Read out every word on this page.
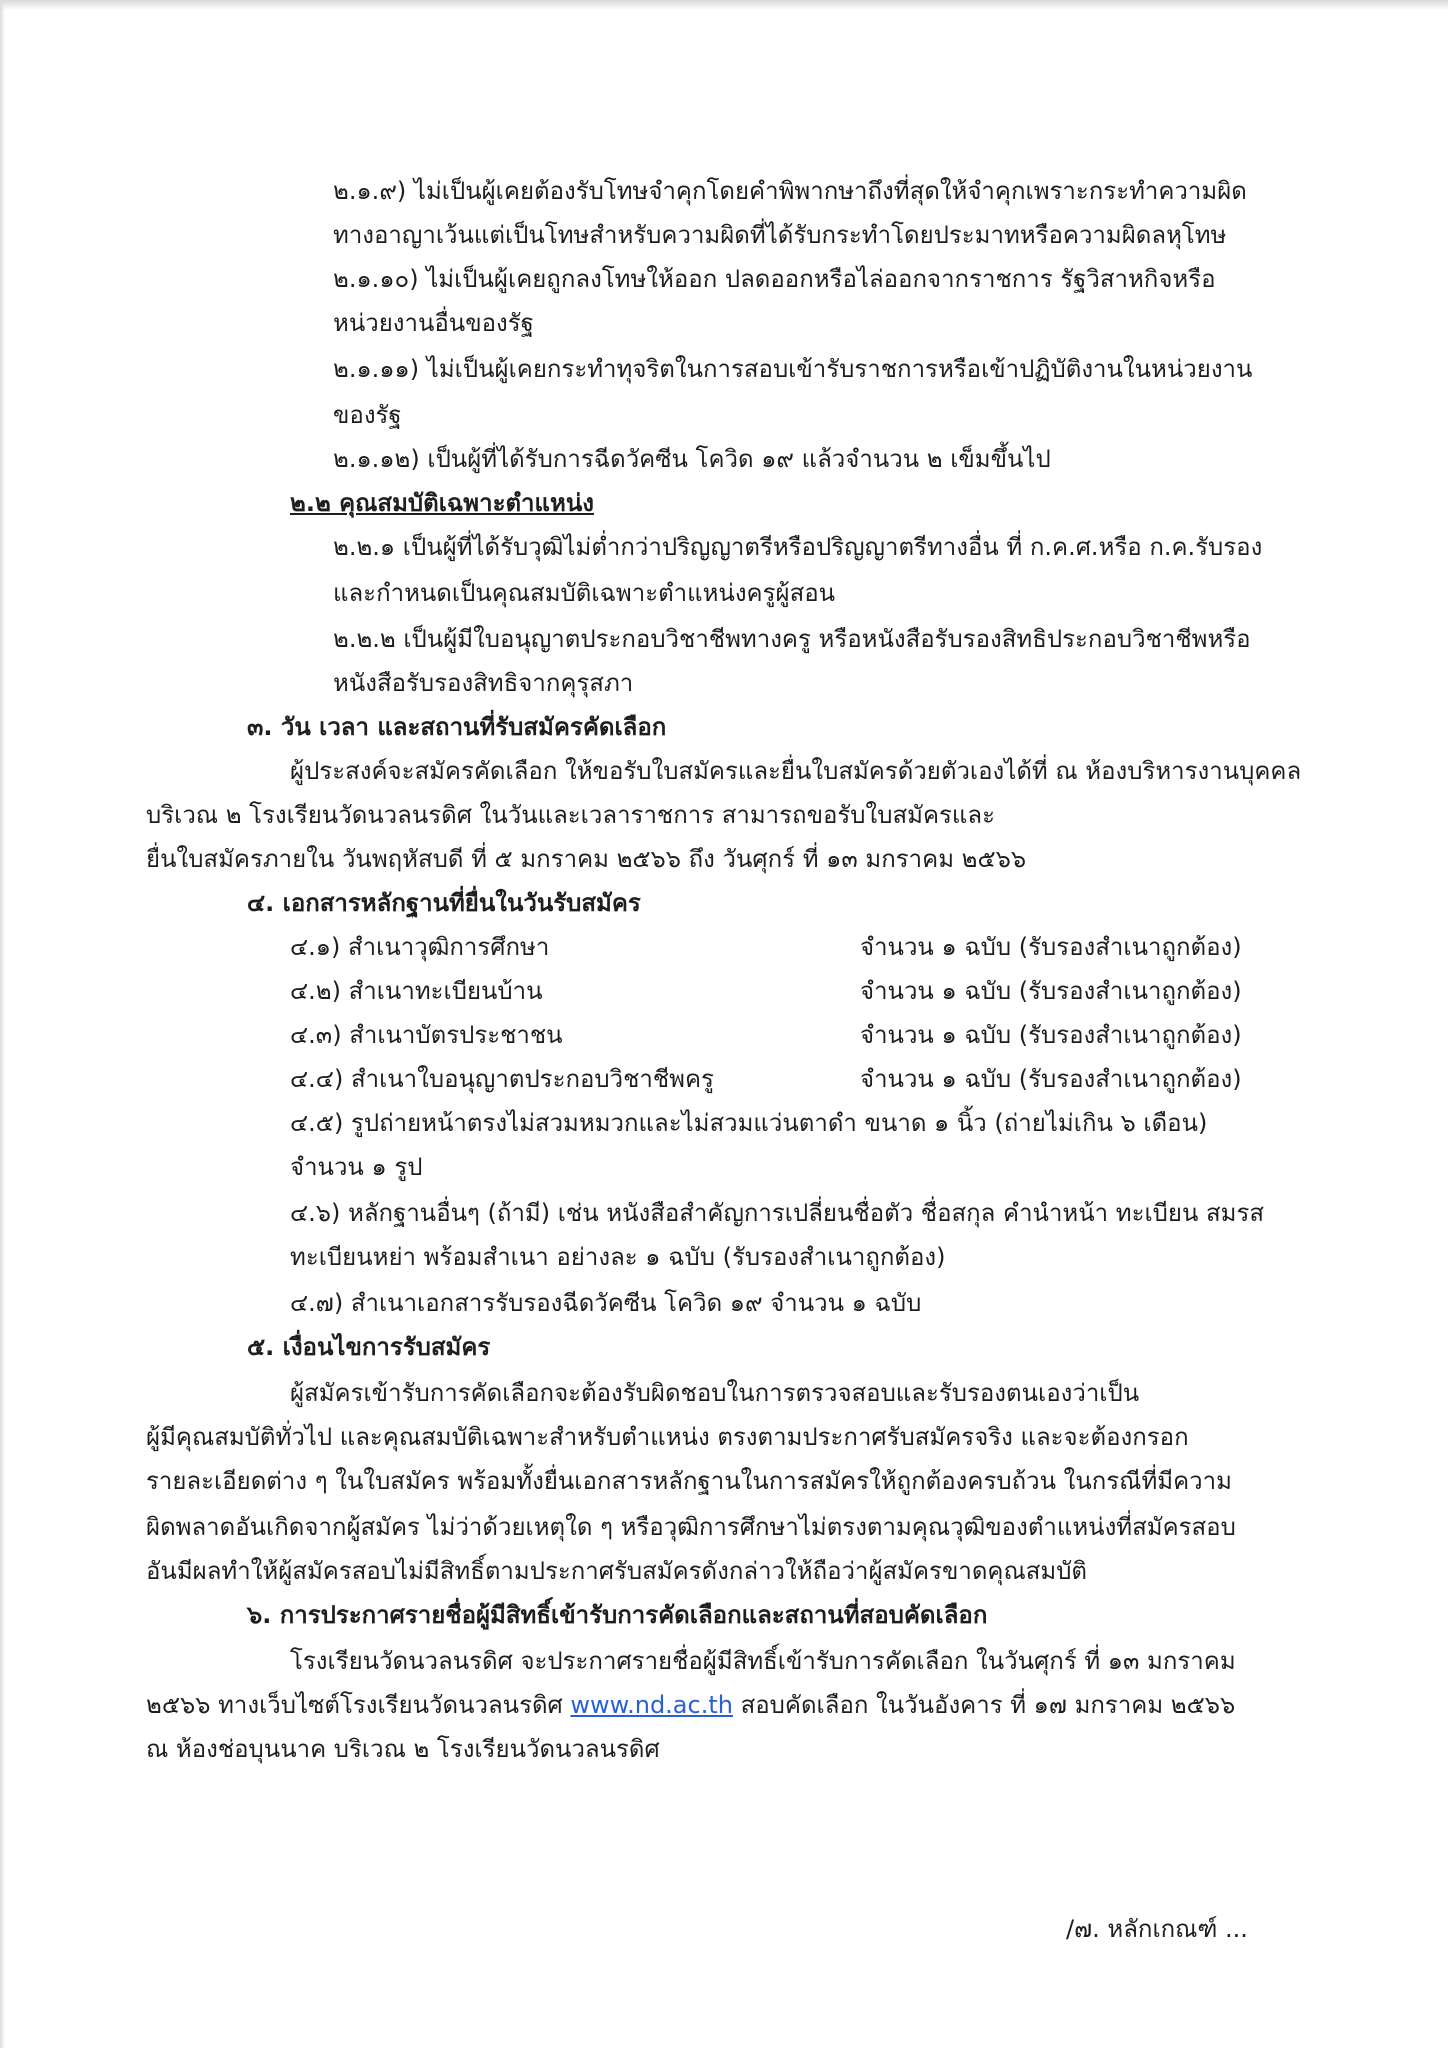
๒.๑.๙) ไม่เป็นผู้เคยต้องรับโทษจำคุกโดยคำพิพากษาถึงที่สุดให้จำคุกเพราะกระทำความผิด
ทางอาญาเว้นแต่เป็นโทษสำหรับความผิดที่ได้รับกระทำโดยประมาทหรือความผิดลหุโทษ
๒.๑.๑๐) ไม่เป็นผู้เคยถูกลงโทษให้ออก ปลดออกหรือไล่ออกจากราชการ รัฐวิสาหกิจหรือ
หน่วยงานอื่นของรัฐ
๒.๑.๑๑) ไม่เป็นผู้เคยกระทำทุจริตในการสอบเข้ารับราชการหรือเข้าปฏิบัติงานในหน่วยงาน
ของรัฐ
๒.๑.๑๒) เป็นผู้ที่ได้รับการฉีดวัคซีน โควิด ๑๙ แล้วจำนวน ๒ เข็มขึ้นไป
๒.๒ คุณสมบัติเฉพาะตำแหน่ง
๒.๒.๑ เป็นผู้ที่ได้รับวุฒิไม่ต่ำกว่าปริญญาตรีหรือปริญญาตรีทางอื่น ที่ ก.ค.ศ.หรือ ก.ค.รับรอง
และกำหนดเป็นคุณสมบัติเฉพาะตำแหน่งครูผู้สอน
๒.๒.๒ เป็นผู้มีใบอนุญาตประกอบวิชาชีพทางครู หรือหนังสือรับรองสิทธิประกอบวิชาชีพหรือ
หนังสือรับรองสิทธิจากคุรุสภา
๓. วัน เวลา และสถานที่รับสมัครคัดเลือก
ผู้ประสงค์จะสมัครคัดเลือก ให้ขอรับใบสมัครและยื่นใบสมัครด้วยตัวเองได้ที่ ณ ห้องบริหารงานบุคคล
บริเวณ ๒ โรงเรียนวัดนวลนรดิศ ในวันและเวลาราชการ สามารถขอรับใบสมัครและ
ยื่นใบสมัครภายใน วันพฤหัสบดี ที่ ๕ มกราคม ๒๕๖๖ ถึง วันศุกร์ ที่ ๑๓ มกราคม ๒๕๖๖
๔. เอกสารหลักฐานที่ยื่นในวันรับสมัคร
๔.๑) สำเนาวุฒิการศึกษา	จำนวน ๑ ฉบับ (รับรองสำเนาถูกต้อง)
๔.๒) สำเนาทะเบียนบ้าน	จำนวน ๑ ฉบับ (รับรองสำเนาถูกต้อง)
๔.๓) สำเนาบัตรประชาชน	จำนวน ๑ ฉบับ (รับรองสำเนาถูกต้อง)
๔.๔) สำเนาใบอนุญาตประกอบวิชาชีพครู	จำนวน ๑ ฉบับ (รับรองสำเนาถูกต้อง)
๔.๕) รูปถ่ายหน้าตรงไม่สวมหมวกและไม่สวมแว่นตาดำ ขนาด ๑ นิ้ว (ถ่ายไม่เกิน ๖ เดือน)
จำนวน ๑ รูป
๔.๖) หลักฐานอื่นๆ (ถ้ามี) เช่น หนังสือสำคัญการเปลี่ยนชื่อตัว ชื่อสกุล คำนำหน้า ทะเบียน สมรส
ทะเบียนหย่า พร้อมสำเนา อย่างละ ๑ ฉบับ (รับรองสำเนาถูกต้อง)
๔.๗) สำเนาเอกสารรับรองฉีดวัคซีน โควิด ๑๙ จำนวน ๑ ฉบับ
๕. เงื่อนไขการรับสมัคร
ผู้สมัครเข้ารับการคัดเลือกจะต้องรับผิดชอบในการตรวจสอบและรับรองตนเองว่าเป็น
ผู้มีคุณสมบัติทั่วไป และคุณสมบัติเฉพาะสำหรับตำแหน่ง ตรงตามประกาศรับสมัครจริง และจะต้องกรอก
รายละเอียดต่าง ๆ ในใบสมัคร พร้อมทั้งยื่นเอกสารหลักฐานในการสมัครให้ถูกต้องครบถ้วน ในกรณีที่มีความ
ผิดพลาดอันเกิดจากผู้สมัคร ไม่ว่าด้วยเหตุใด ๆ หรือวุฒิการศึกษาไม่ตรงตามคุณวุฒิของตำแหน่งที่สมัครสอบ
อันมีผลทำให้ผู้สมัครสอบไม่มีสิทธิ์ตามประกาศรับสมัครดังกล่าวให้ถือว่าผู้สมัครขาดคุณสมบัติ
๖. การประกาศรายชื่อผู้มีสิทธิ์เข้ารับการคัดเลือกและสถานที่สอบคัดเลือก
โรงเรียนวัดนวลนรดิศ จะประกาศรายชื่อผู้มีสิทธิ์เข้ารับการคัดเลือก ในวันศุกร์ ที่ ๑๓ มกราคม
๒๕๖๖ ทางเว็บไซต์โรงเรียนวัดนวลนรดิศ www.nd.ac.th สอบคัดเลือก ในวันอังคาร ที่ ๑๗ มกราคม ๒๕๖๖
ณ ห้องช่อบุนนาค บริเวณ ๒ โรงเรียนวัดนวลนรดิศ
/๗. หลักเกณฑ์ ...
